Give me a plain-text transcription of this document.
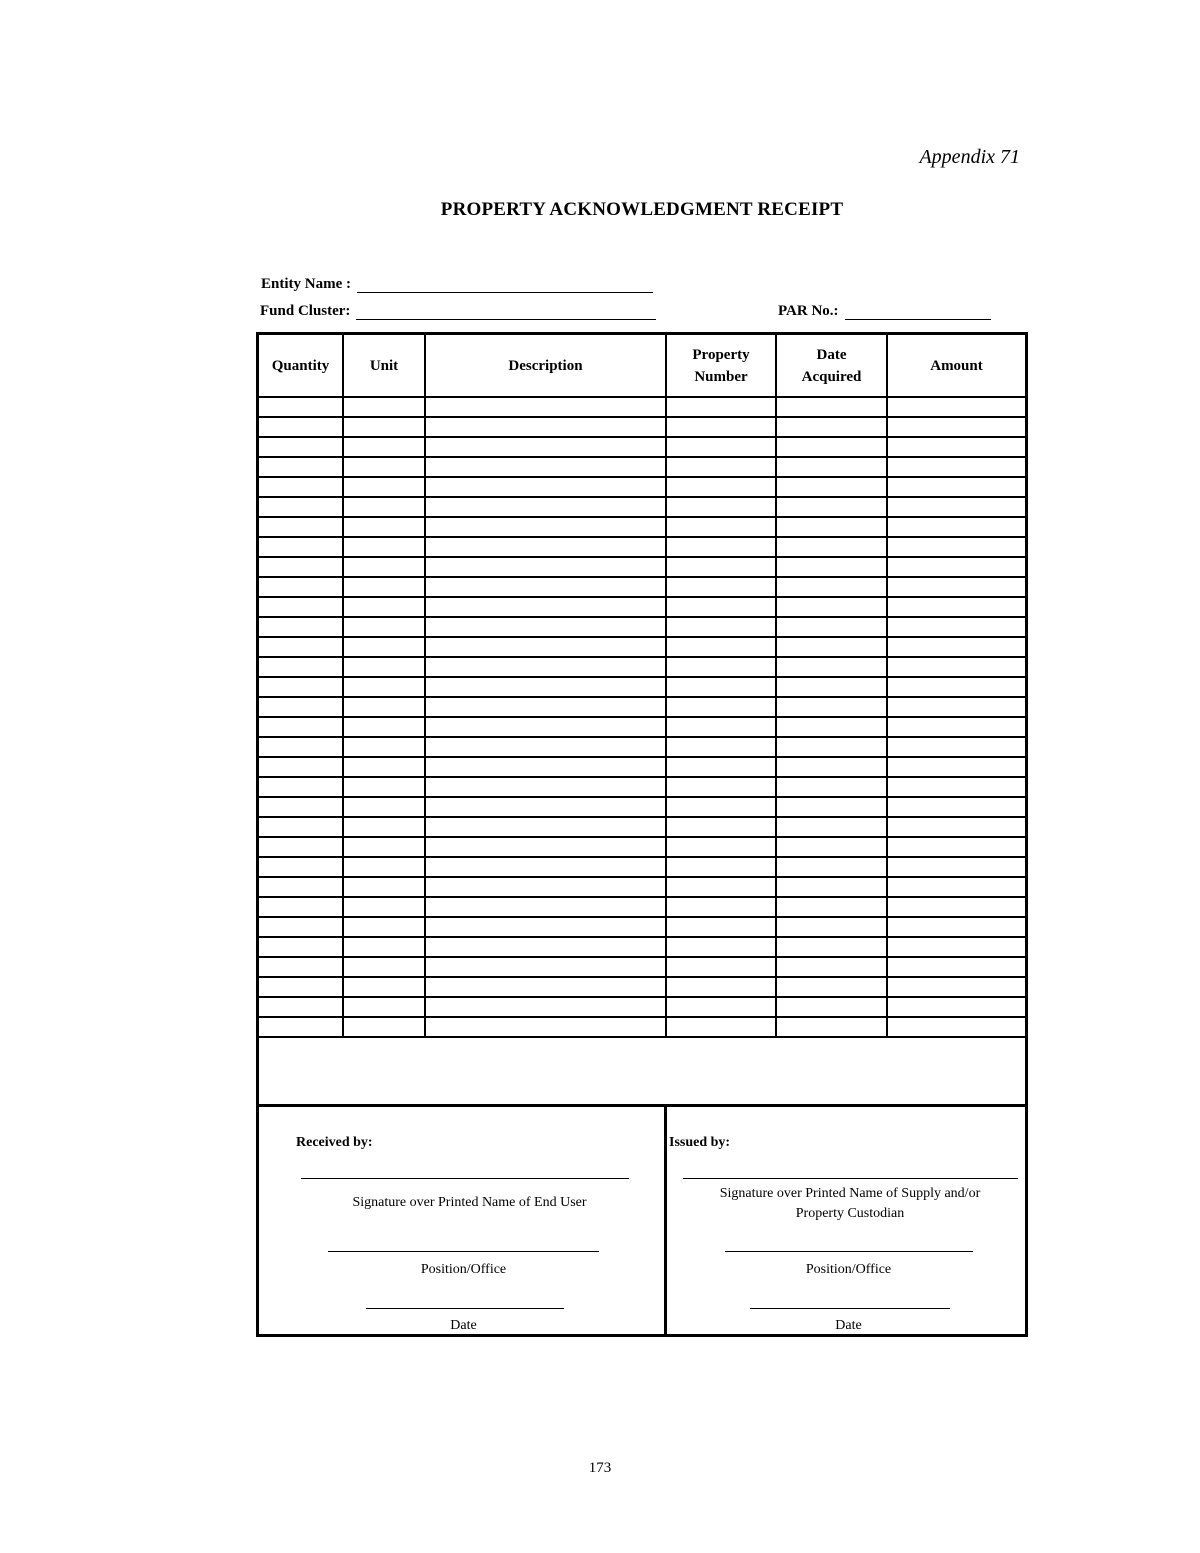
Appendix 71
PROPERTY ACKNOWLEDGMENT RECEIPT
Entity Name :
Fund Cluster:	PAR No.:
Quantity	Unit	Description	Property Number	Date Acquired	Amount

Received by:
Signature over Printed Name of End User
Position/Office
Date
Issued by:
Signature over Printed Name of Supply and/or Property Custodian
Position/Office
Date
173
